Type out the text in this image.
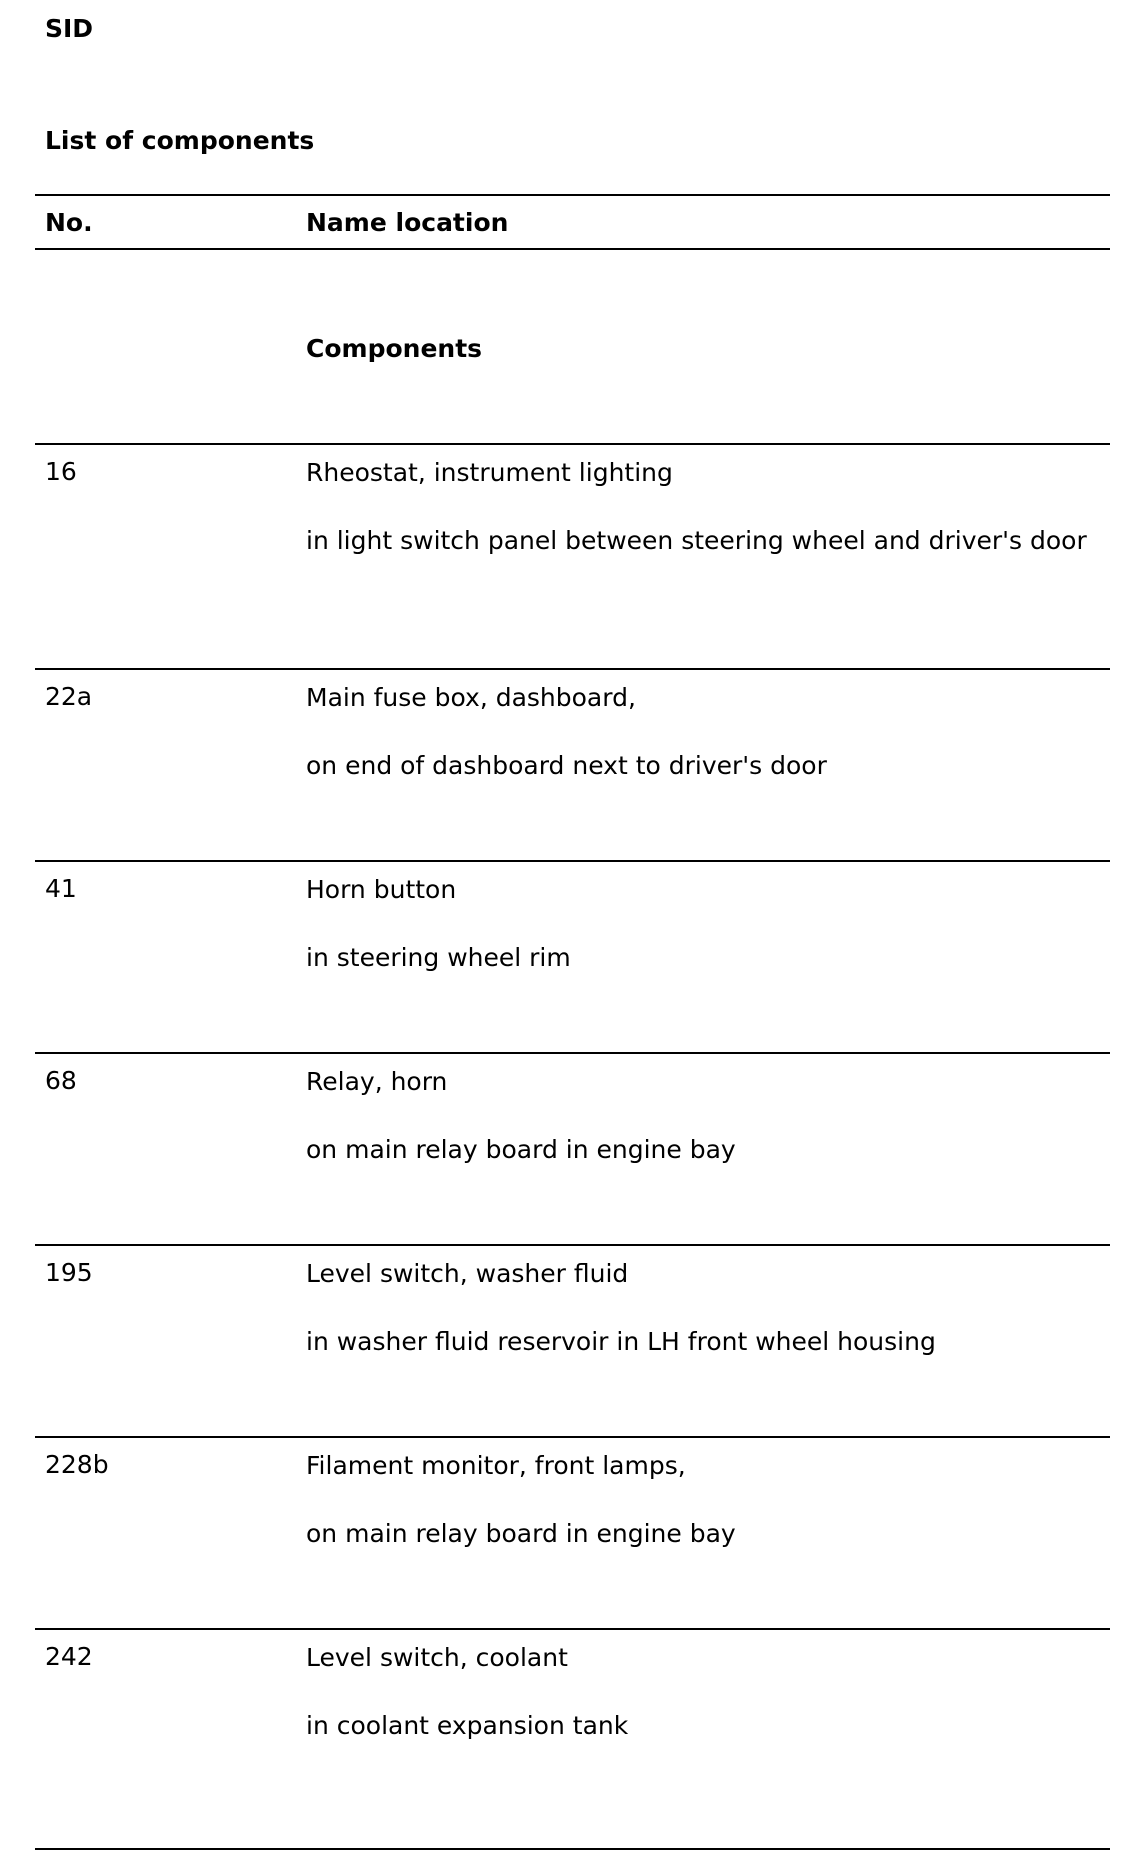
SID
List of components
No.	Name location
Components
16	Rheostat, instrument lighting
in light switch panel between steering wheel and driver's door
22a	Main fuse box, dashboard,
on end of dashboard next to driver's door
41	Horn button
in steering wheel rim
68	Relay, horn
on main relay board in engine bay
195	Level switch, washer fluid
in washer fluid reservoir in LH front wheel housing
228b	Filament monitor, front lamps,
on main relay board in engine bay
242	Level switch, coolant
in coolant expansion tank
